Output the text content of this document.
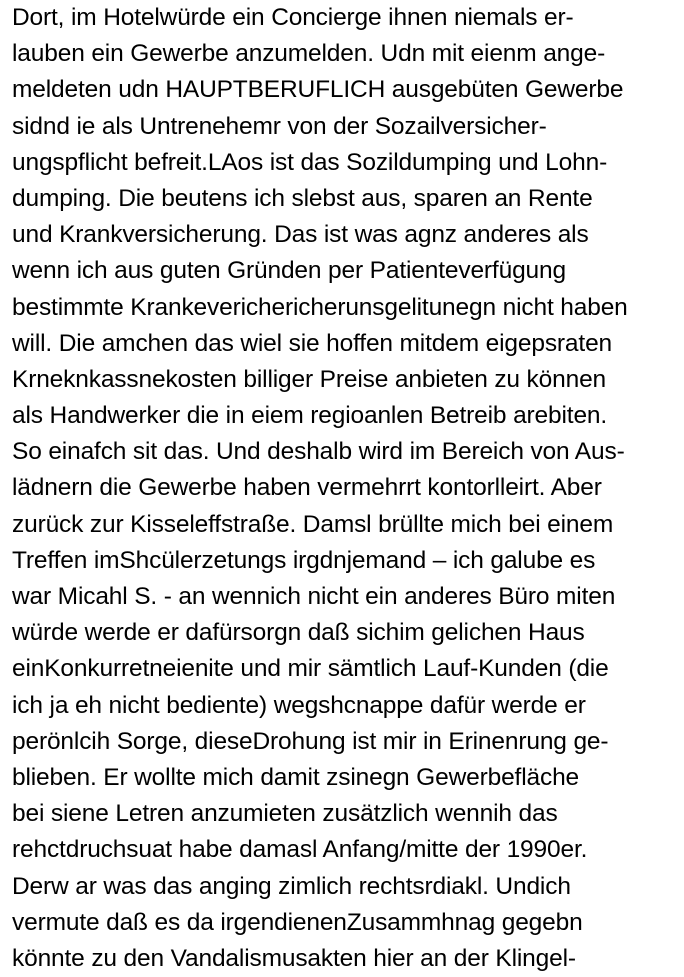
Dort, im Hotelwürde ein Concierge ihnen niemals er-
lauben ein Gewerbe anzumelden. Udn mit eienm ange-
meldeten udn HAUPTBERUFLICH ausgebüten Gewerbe
sidnd ie als Untrenehemr von der Sozailversicher-
ungspflicht befreit.LAos ist das Sozildumping und Lohn-
dumping. Die beutens ich slebst aus, sparen an Rente
und Krankversicherung. Das ist was agnz anderes als
wenn ich aus guten Gründen per Patienteverfügung
bestimmte Krankeverichericherunsgelitunegn nicht haben
will. Die amchen das wiel sie hoffen mitdem eigepsraten
Krneknkassnekosten billiger Preise anbieten zu können
als Handwerker die in eiem regioanlen Betreib arebiten.
So einafch sit das. Und deshalb wird im Bereich von Aus-
lädnern die Gewerbe haben vermehrrt kontorlleirt. Aber
zurück zur Kisseleffstraße. Damsl brüllte mich bei einem
Treffen imShcülerzetungs irgdnjemand – ich galube es
war Micahl S. - an wennich nicht ein anderes Büro miten
würde werde er dafürsorgn daß sichim gelichen Haus
einKonkurretneienite und mir sämtlich Lauf-Kunden (die
ich ja eh nicht bediente) wegshcnappe dafür werde er
perönlcih Sorge, dieseDrohung ist mir in Erinenrung ge-
blieben. Er wollte mich damit zsinegn Gewerbefläche
bei siene Letren anzumieten zusätzlich wennih das
rehctdruchsuat habe damasl Anfang/mitte der 1990er.
Derw ar was das anging zimlich rechtsrdiakl. Undich
vermute daß es da irgendienenZusammhnag gegebn
könnte zu den Vandalismusakten hier an der Klingel-
